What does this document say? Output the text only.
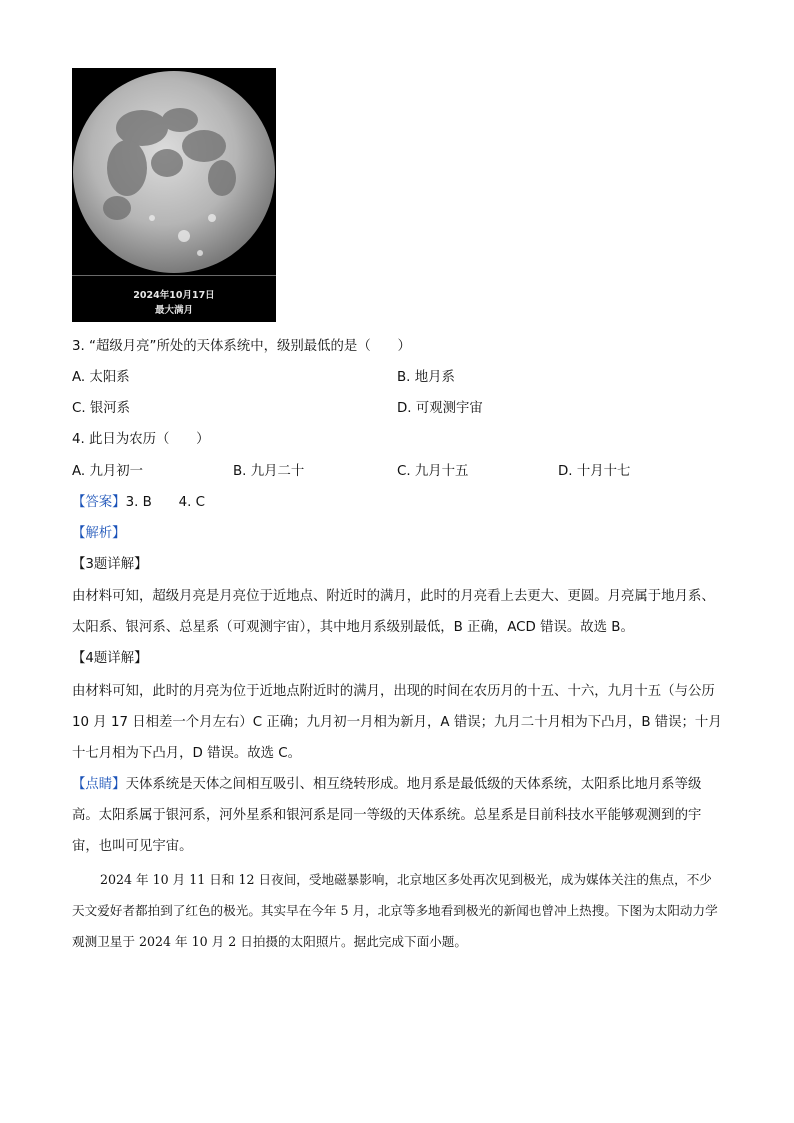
2024年10月17日
最大满月
3. “超级月亮”所处的天体系统中，级别最低的是（　　）
A. 太阳系	B. 地月系
C. 银河系	D. 可观测宇宙
4. 此日为农历（　　）
A. 九月初一	B. 九月二十	C. 九月十五	D. 十月十七
【答案】3. B　　4. C
【解析】
【3题详解】
由材料可知，超级月亮是月亮位于近地点、附近时的满月，此时的月亮看上去更大、更圆。月亮属于地月系、太阳系、银河系、总星系（可观测宇宙），其中地月系级别最低，B 正确，ACD 错误。故选 B。
【4题详解】
由材料可知，此时的月亮为位于近地点附近时的满月，出现的时间在农历月的十五、十六，九月十五（与公历 10 月 17 日相差一个月左右）C 正确；九月初一月相为新月，A 错误；九月二十月相为下凸月，B 错误；十月十七月相为下凸月，D 错误。故选 C。
【点睛】天体系统是天体之间相互吸引、相互绕转形成。地月系是最低级的天体系统，太阳系比地月系等级高。太阳系属于银河系，河外星系和银河系是同一等级的天体系统。总星系是目前科技水平能够观测到的宇宙，也叫可见宇宙。
2024 年 10 月 11 日和 12 日夜间，受地磁暴影响，北京地区多处再次见到极光，成为媒体关注的焦点，不少天文爱好者都拍到了红色的极光。其实早在今年 5 月，北京等多地看到极光的新闻也曾冲上热搜。下图为太阳动力学观测卫星于 2024 年 10 月 2 日拍摄的太阳照片。据此完成下面小题。
